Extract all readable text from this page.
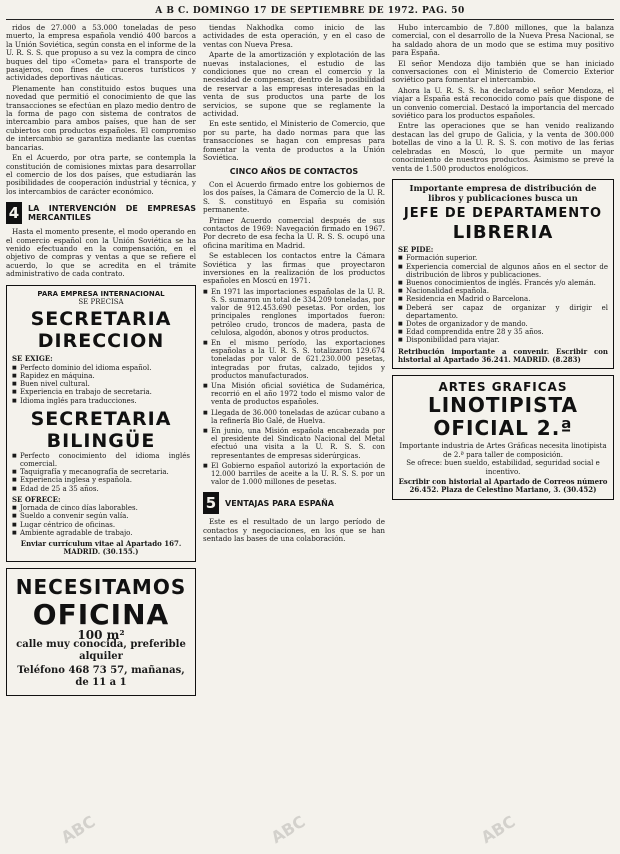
A B C. DOMINGO 17 DE SEPTIEMBRE DE 1972. PAG. 50

ridos de 27.000 a 53.000 toneladas de peso muerto, la empresa española vendió 400 barcos a la Unión Soviética, según consta en el informe de la U. R. S. S. que propuso a su vez la compra de cinco buques del tipo «Cometa» para el transporte de pasajeros, con fines de cruceros turísticos y actividades deportivas náuticas.

Plenamente han constituido estos buques una novedad que permitió el conocimiento de que las transacciones se efectúan en plazo medio dentro de la forma de pago con sistema de contratos de intercambio para ambos países, que han de ser cubiertos con productos españoles. El compromiso de intercambio se garantiza mediante las cuentas bancarias.

En el Acuerdo, por otra parte, se contempla la constitución de comisiones mixtas para desarrollar el comercio de los dos países, que estudiarán las posibilidades de cooperación industrial y técnica, y los intercambios de carácter económico.

4	LA INTERVENCIÓN DE EMPRESAS MERCANTILES

Hasta el momento presente, el modo operando en el comercio español con la Unión Soviética se ha venido efectuando en la compensación, en el objetivo de compras y ventas a que se refiere el acuerdo, lo que se acredita en el trámite administrativo de cada contrato.

PARA EMPRESA INTERNACIONAL
SE PRECISA
SECRETARIA DIRECCION
SE EXIGE:
■ Perfecto dominio del idioma español.
■ Rapidez en máquina.
■ Buen nivel cultural.
■ Experiencia en trabajo de secretaria.
■ Idioma inglés para traducciones.
SECRETARIA BILINGÜE
■ Perfecto conocimiento del idioma inglés comercial.
■ Taquigrafía y mecanografía de secretaria.
■ Experiencia inglesa y española.
■ Edad de 25 a 35 años.
SE OFRECE:
■ Jornada de cinco días laborables.
■ Sueldo a convenir según valía.
■ Lugar céntrico de oficinas.
■ Ambiente agradable de trabajo.
Enviar currículum vitae al Apartado 167. MADRID. (30.155.)
NECESITAMOS
OFICINA
100 m²
calle muy conocida, preferible alquiler
Teléfono 468 73 57, mañanas, de 11 a 1

tiendas Nakhodka como inicio de las actividades de esta operación, y en el caso de ventas con Nueva Presa.

Aparte de la amortización y explotación de las nuevas instalaciones, el estudio de las condiciones que no crean el comercio y la necesidad de compensar, dentro de la posibilidad de reservar a las empresas interesadas en la venta de sus productos una parte de los servicios, se supone que se reglamente la actividad.

En este sentido, el Ministerio de Comercio, que por su parte, ha dado normas para que las transacciones se hagan con empresas para fomentar la venta de productos a la Unión Soviética.

CINCO AÑOS DE CONTACTOS

Con el Acuerdo firmado entre los gobiernos de los dos países, la Cámara de Comercio de la U. R. S. S. constituyó en España su comisión permanente.

Primer Acuerdo comercial después de sus contactos de 1969: Navegación firmado en 1967. Por decreto de esa fecha la U. R. S. S. ocupó una oficina marítima en Madrid.

Se establecen los contactos entre la Cámara Soviética y las firmas que proyectaron inversiones en la realización de los productos españoles en Moscú en 1971.

■ En 1971 las importaciones españolas de la U. R. S. S. sumaron un total de 334.209 toneladas, por valor de 912.453.690 pesetas. Por orden, los principales renglones importados fueron: petróleo crudo, troncos de madera, pasta de celulosa, algodón, abonos y otros productos.
■ En el mismo período, las exportaciones españolas a la U. R. S. S. totalizaron 129.674 toneladas por valor de 621.230.000 pesetas, integradas por frutas, calzado, tejidos y productos manufacturados.
■ Una Misión oficial soviética de Sudamérica, recorrió en el año 1972 todo el mismo valor de venta de productos españoles.
■ Llegada de 36.000 toneladas de azúcar cubano a la refinería Bio Galé, de Huelva.
■ En junio, una Misión española encabezada por el presidente del Sindicato Nacional del Metal efectuó una visita a la U. R. S. S. con representantes de empresas siderúrgicas.
■ El Gobierno español autorizó la exportación de 12.000 barriles de aceite a la U. R. S. S. por un valor de 1.000 millones de pesetas.
5	VENTAJAS PARA ESPAÑA

Este es el resultado de un largo período de contactos y negociaciones, en los que se han sentado las bases de una colaboración.

Hubo intercambio de 7.800 millones, que la balanza comercial, con el desarrollo de la Nueva Presa Nacional, se ha saldado ahora de un modo que se estima muy positivo para España.

El señor Mendoza dijo también que se han iniciado conversaciones con el Ministerio de Comercio Exterior soviético para fomentar el intercambio.

Ahora la U. R. S. S. ha declarado el señor Mendoza, el viajar a España está reconocido como país que dispone de un convenio comercial. Destacó la importancia del mercado soviético para los productos españoles.

Entre las operaciones que se han venido realizando destacan las del grupo de Galicia, y la venta de 300.000 botellas de vino a la U. R. S. S. con motivo de las ferias celebradas en Moscú, lo que permite un mayor conocimiento de nuestros productos. Asimismo se prevé la venta de 1.500 productos enológicos.

Importante empresa de distribución de libros y publicaciones busca un
JEFE DE DEPARTAMENTO
LIBRERIA
SE PIDE:
■ Formación superior.
■ Experiencia comercial de algunos años en el sector de distribución de libros y publicaciones.
■ Buenos conocimientos de inglés. Francés y/o alemán.
■ Nacionalidad española.
■ Residencia en Madrid o Barcelona.
■ Deberá ser capaz de organizar y dirigir el departamento.
■ Dotes de organizador y de mando.
■ Edad comprendida entre 28 y 35 años.
■ Disponibilidad para viajar.
Retribución importante a convenir. Escribir con historial al Apartado 36.241. MADRID. (8.283)
ARTES GRAFICAS
LINOTIPISTA
OFICIAL 2.ª
Importante industria de Artes Gráficas necesita linotipista de 2.ª para taller de composición.
Se ofrece: buen sueldo, estabilidad, seguridad social e incentivo.
Escribir con historial al Apartado de Correos número 26.452. Plaza de Celestino Mariano, 3. (30.452)
ABC	ABC	ABC
